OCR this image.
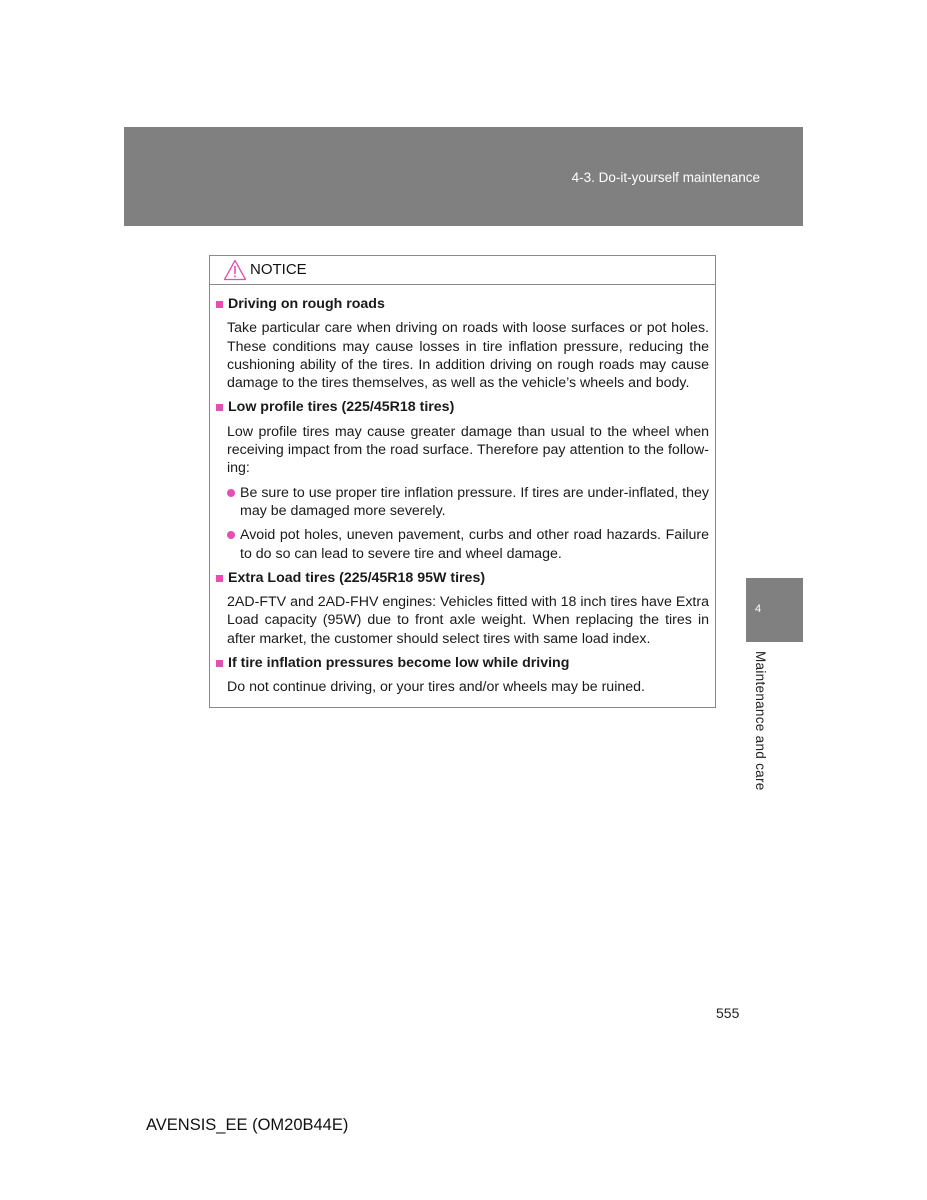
4-3. Do-it-yourself maintenance
NOTICE
Driving on rough roads

Take particular care when driving on roads with loose surfaces or pot holes. These conditions may cause losses in tire inflation pressure, reducing the cushioning ability of the tires. In addition driving on rough roads may cause damage to the tires themselves, as well as the vehicle’s wheels and body.

Low profile tires (225/45R18 tires)

Low profile tires may cause greater damage than usual to the wheel when receiving impact from the road surface. Therefore pay attention to the follow-ing:

Be sure to use proper tire inflation pressure. If tires are under-inflated, they may be damaged more severely.
Avoid pot holes, uneven pavement, curbs and other road hazards. Failure to do so can lead to severe tire and wheel damage.
Extra Load tires (225/45R18 95W tires)

2AD-FTV and 2AD-FHV engines: Vehicles fitted with 18 inch tires have Extra Load capacity (95W) due to front axle weight. When replacing the tires in after market, the customer should select tires with same load index.

If tire inflation pressures become low while driving

Do not continue driving, or your tires and/or wheels may be ruined.

4
Maintenance and care
555
AVENSIS_EE (OM20B44E)
